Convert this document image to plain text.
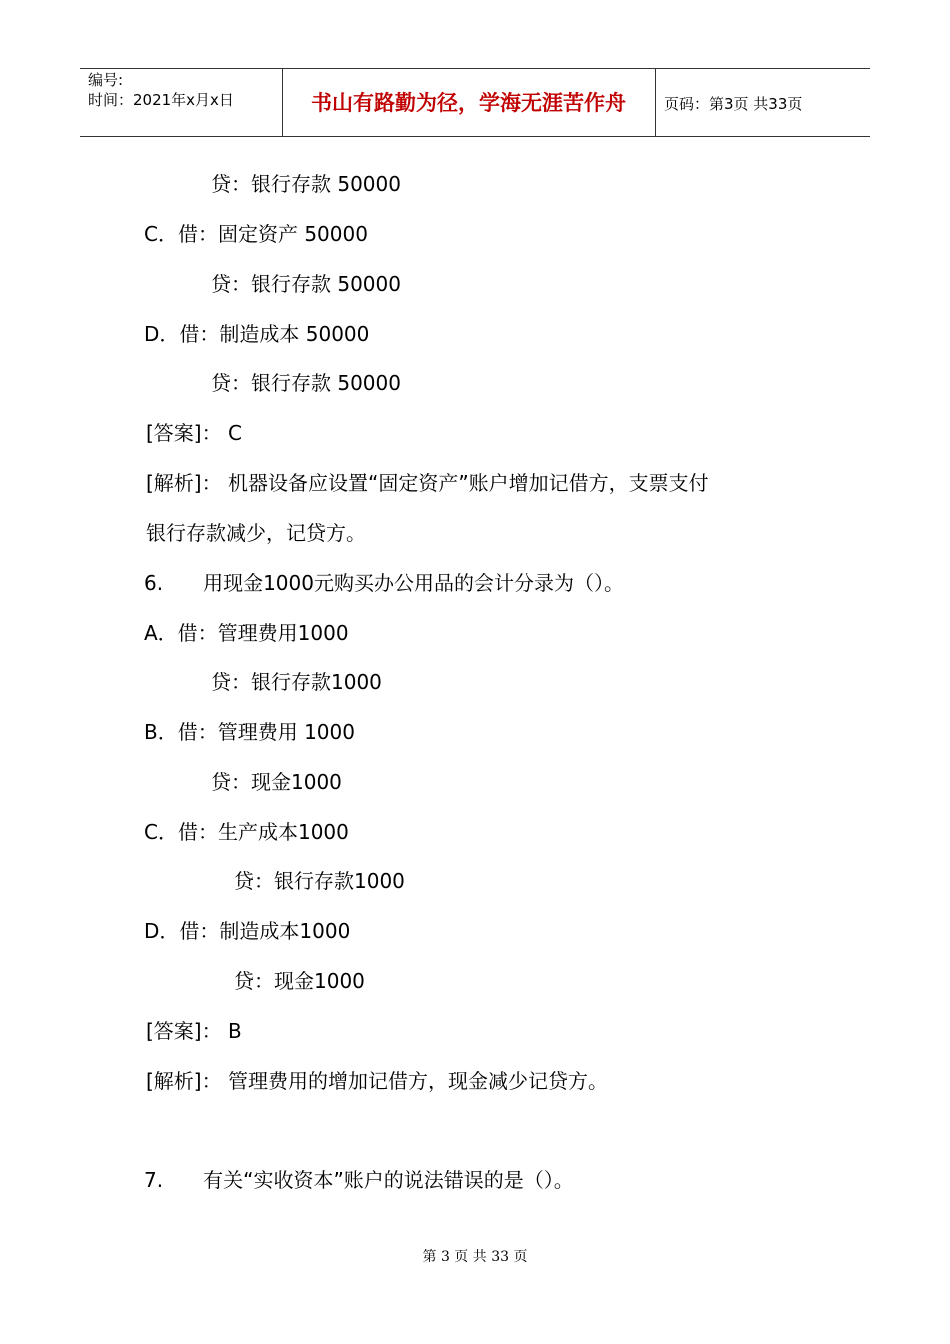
编号:
时间：2021年x月x日	书山有路勤为径，学海无涯苦作舟	页码：第3页 共33页
贷：银行存款 50000
C．借：固定资产 50000
贷：银行存款 50000
D．借：制造成本 50000
贷：银行存款 50000
[答案]： C
[解析]： 机器设备应设置“固定资产”账户增加记借方，支票支付
银行存款减少，记贷方。
6.　　用现金1000元购买办公用品的会计分录为（）。
A．借：管理费用1000
贷：银行存款1000
B．借：管理费用 1000
贷：现金1000
C．借：生产成本1000
贷：银行存款1000
D．借：制造成本1000
贷：现金1000
[答案]： B
[解析]： 管理费用的增加记借方，现金减少记贷方。
7.　　有关“实收资本”账户的说法错误的是（）。
第 3 页 共 33 页
